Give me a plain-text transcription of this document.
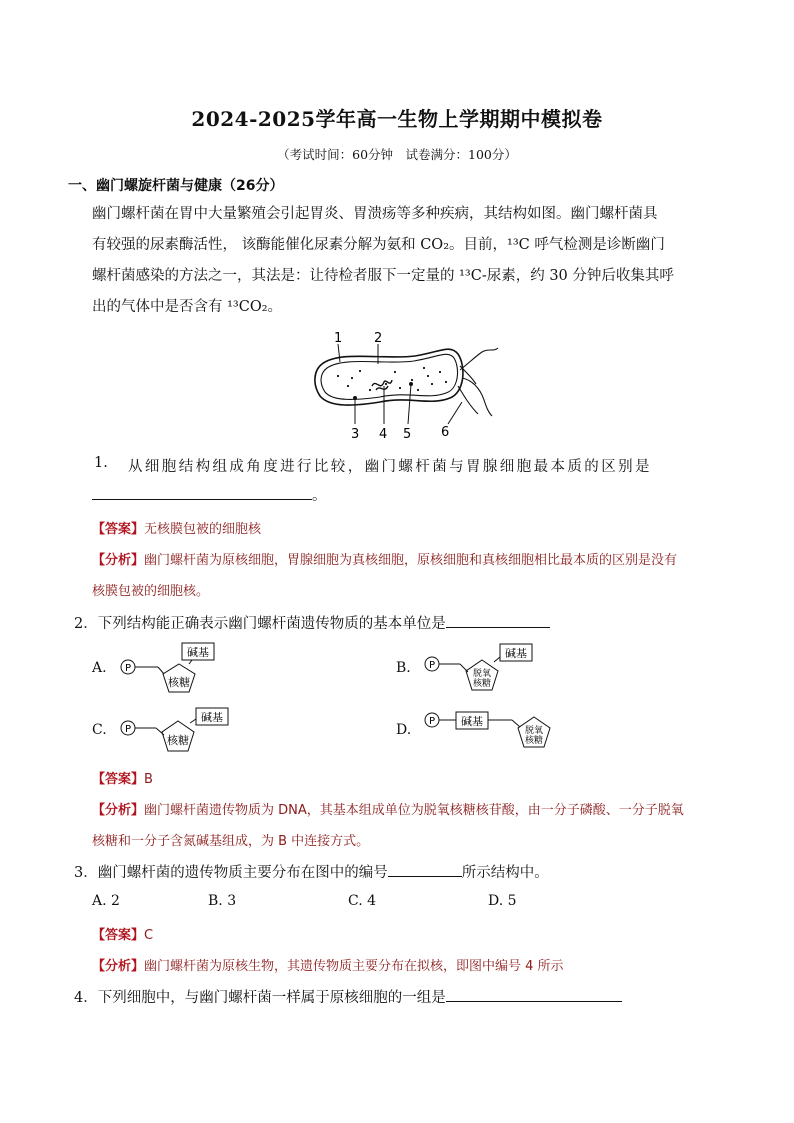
2024-2025学年高一生物上学期期中模拟卷
（考试时间：60分钟　试卷满分：100分）
一、幽门螺旋杆菌与健康（26分）
幽门螺杆菌在胃中大量繁殖会引起胃炎、胃溃疡等多种疾病，其结构如图。幽门螺杆菌具
有较强的尿素酶活性， 该酶能催化尿素分解为氨和 CO₂。目前，¹³C 呼气检测是诊断幽门
螺杆菌感染的方法之一，其法是：让待检者服下一定量的 ¹³C-尿素，约 30 分钟后收集其呼
出的气体中是否含有 ¹³CO₂。
1 2
3 4 5 6
1. 从细胞结构组成角度进行比较，幽门螺杆菌与胃腺细胞最本质的区别是
。
【答案】无核膜包被的细胞核
【分析】幽门螺杆菌为原核细胞，胃腺细胞为真核细胞，原核细胞和真核细胞相比最本质的区别是没有
核膜包被的细胞核。
2．下列结构能正确表示幽门螺杆菌遗传物质的基本单位是
A. P
核糖
碱基
B. P
脱氧
核糖
碱基
C. P
核糖
碱基
D.
P 碱基
脱氧
核糖
【答案】B
【分析】幽门螺杆菌遗传物质为 DNA，其基本组成单位为脱氧核糖核苷酸，由一分子磷酸、一分子脱氧
核糖和一分子含氮碱基组成，为 B 中连接方式。
3．幽门螺杆菌的遗传物质主要分布在图中的编号	所示结构中。
A. 2	B. 3	C. 4	D. 5
【答案】C
【分析】幽门螺杆菌为原核生物，其遗传物质主要分布在拟核，即图中编号 4 所示
4．下列细胞中，与幽门螺杆菌一样属于原核细胞的一组是
